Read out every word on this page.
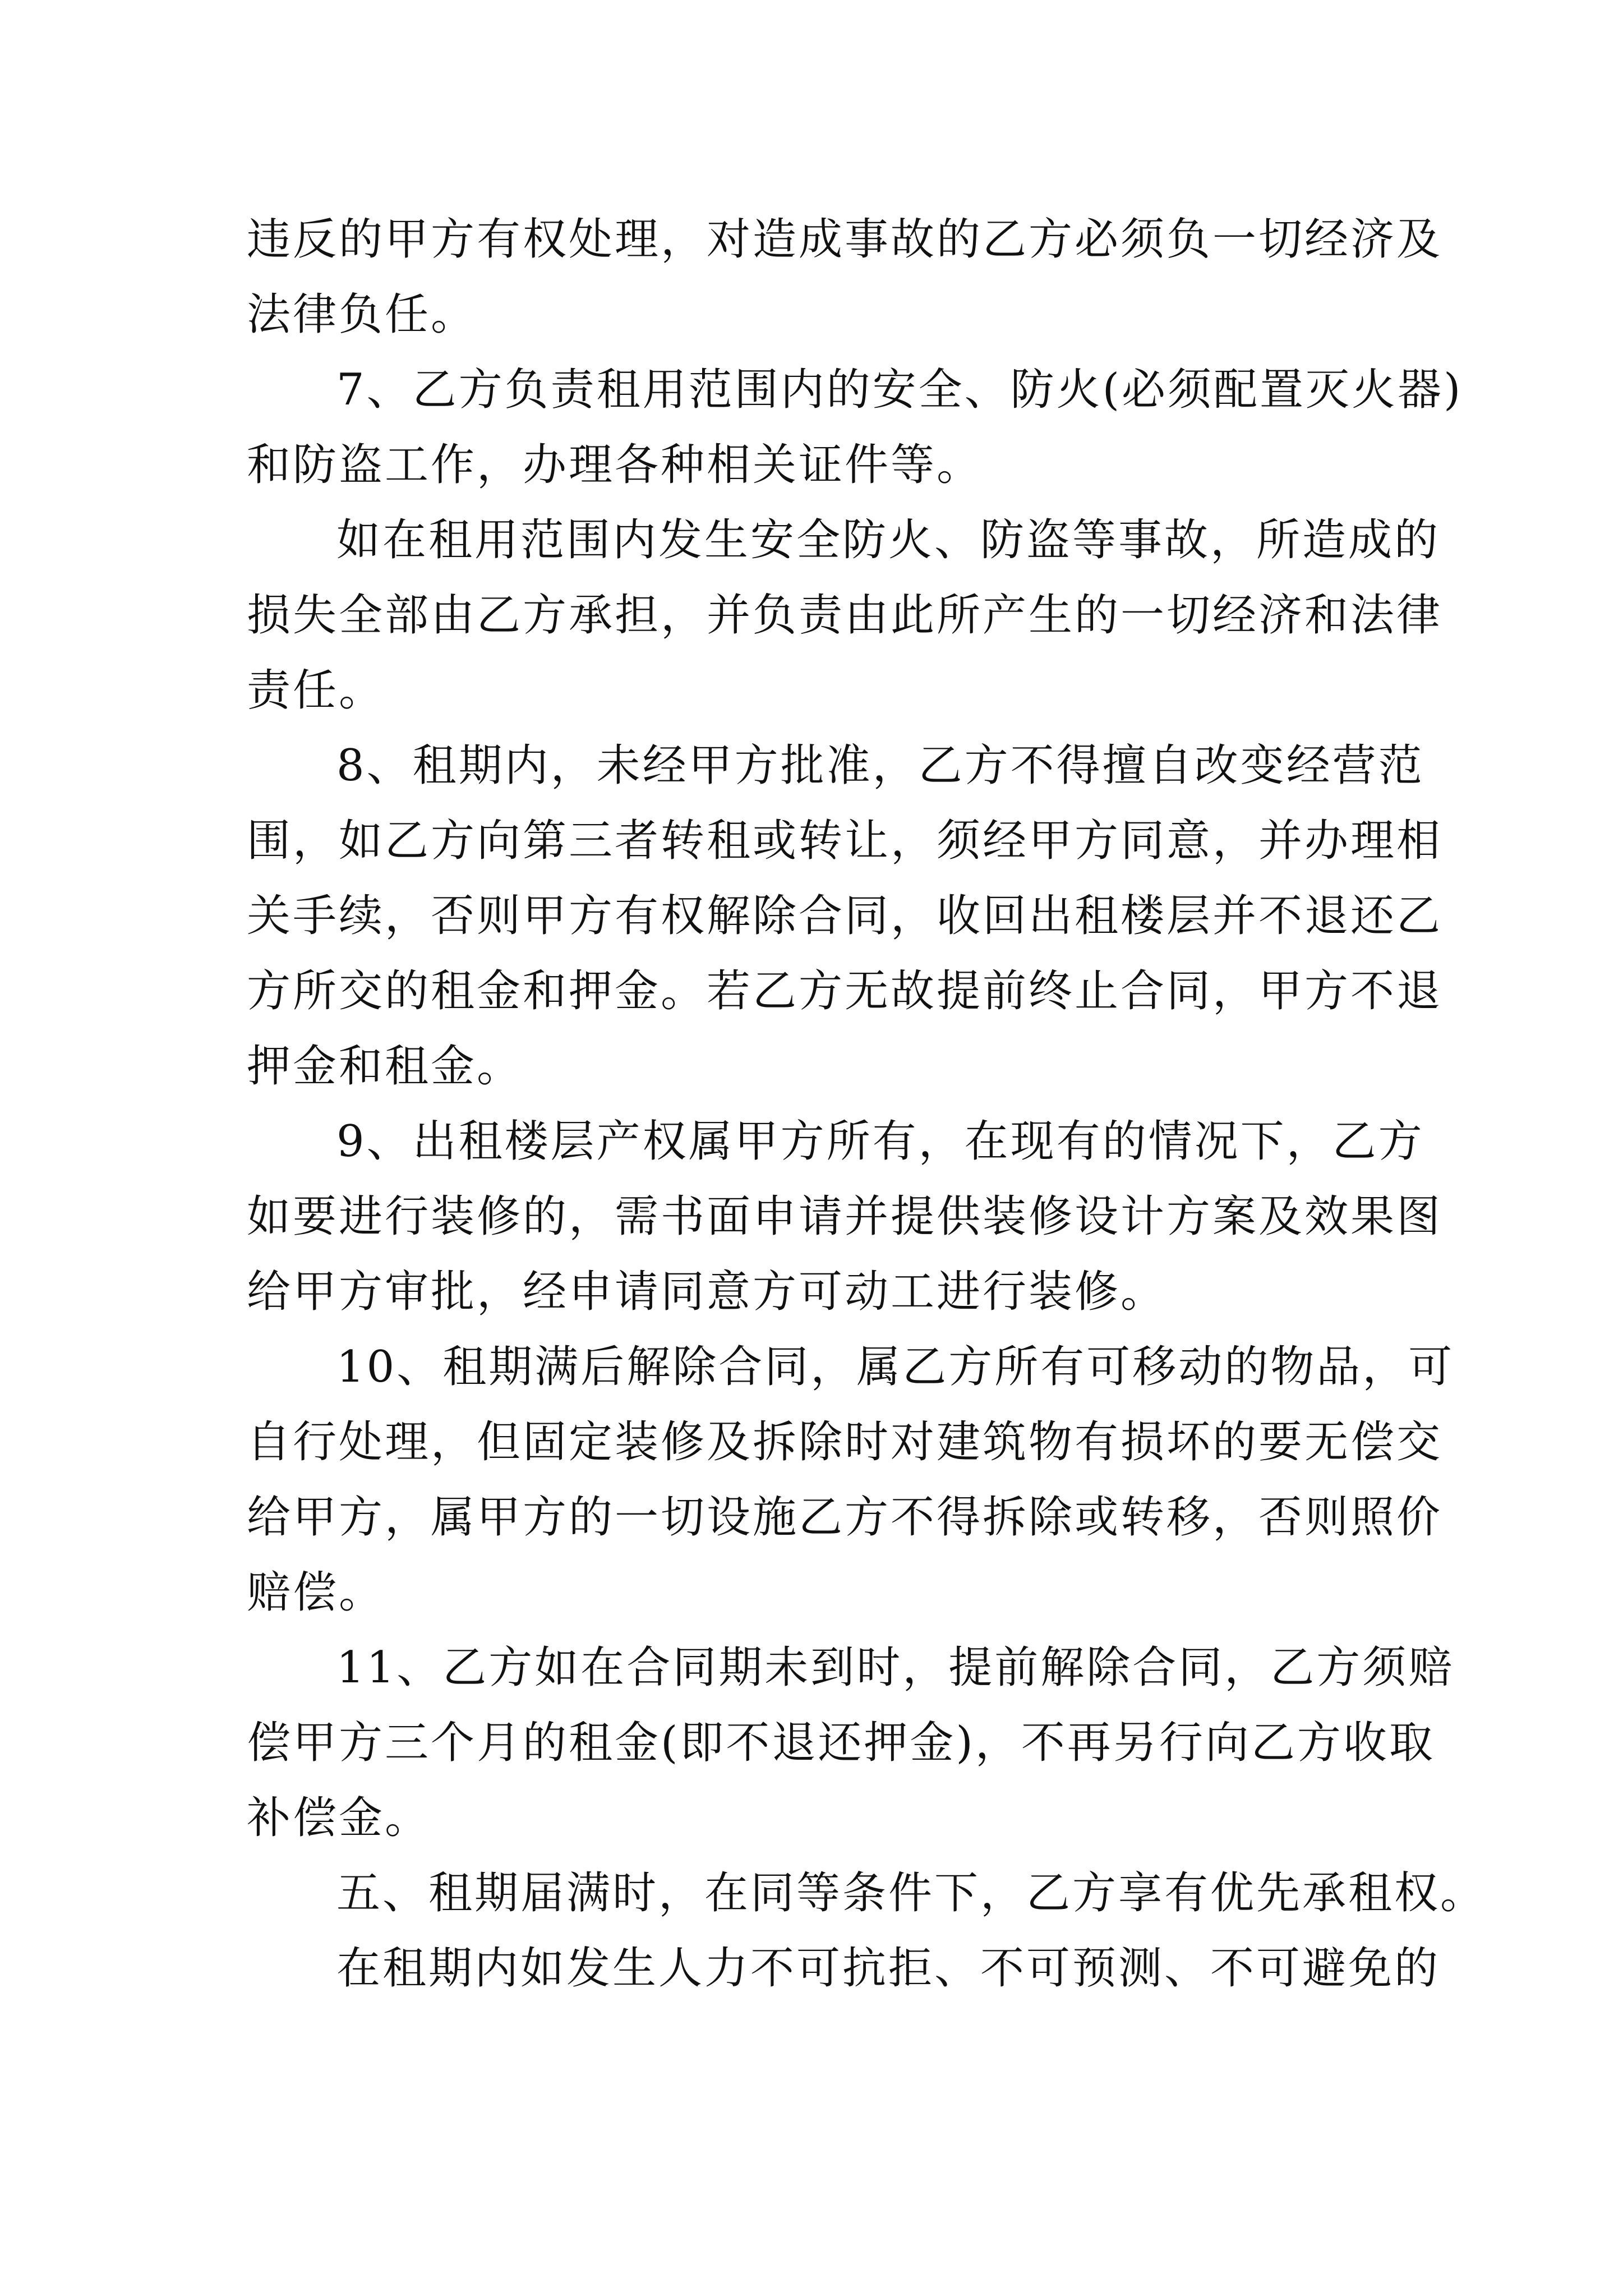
违反的甲方有权处理，对造成事故的乙方必须负一切经济及
法律负任。
7、乙方负责租用范围内的安全、防火(必须配置灭火器)
和防盗工作，办理各种相关证件等。
如在租用范围内发生安全防火、防盗等事故，所造成的
损失全部由乙方承担，并负责由此所产生的一切经济和法律
责任。
8、租期内，未经甲方批准，乙方不得擅自改变经营范
围，如乙方向第三者转租或转让，须经甲方同意，并办理相
关手续，否则甲方有权解除合同，收回出租楼层并不退还乙
方所交的租金和押金。若乙方无故提前终止合同，甲方不退
押金和租金。
9、出租楼层产权属甲方所有，在现有的情况下，乙方
如要进行装修的，需书面申请并提供装修设计方案及效果图
给甲方审批，经申请同意方可动工进行装修。
10、租期满后解除合同，属乙方所有可移动的物品，可
自行处理，但固定装修及拆除时对建筑物有损坏的要无偿交
给甲方，属甲方的一切设施乙方不得拆除或转移，否则照价
赔偿。
11、乙方如在合同期未到时，提前解除合同，乙方须赔
偿甲方三个月的租金(即不退还押金)，不再另行向乙方收取
补偿金。
五、租期届满时，在同等条件下，乙方享有优先承租权。
在租期内如发生人力不可抗拒、不可预测、不可避免的
